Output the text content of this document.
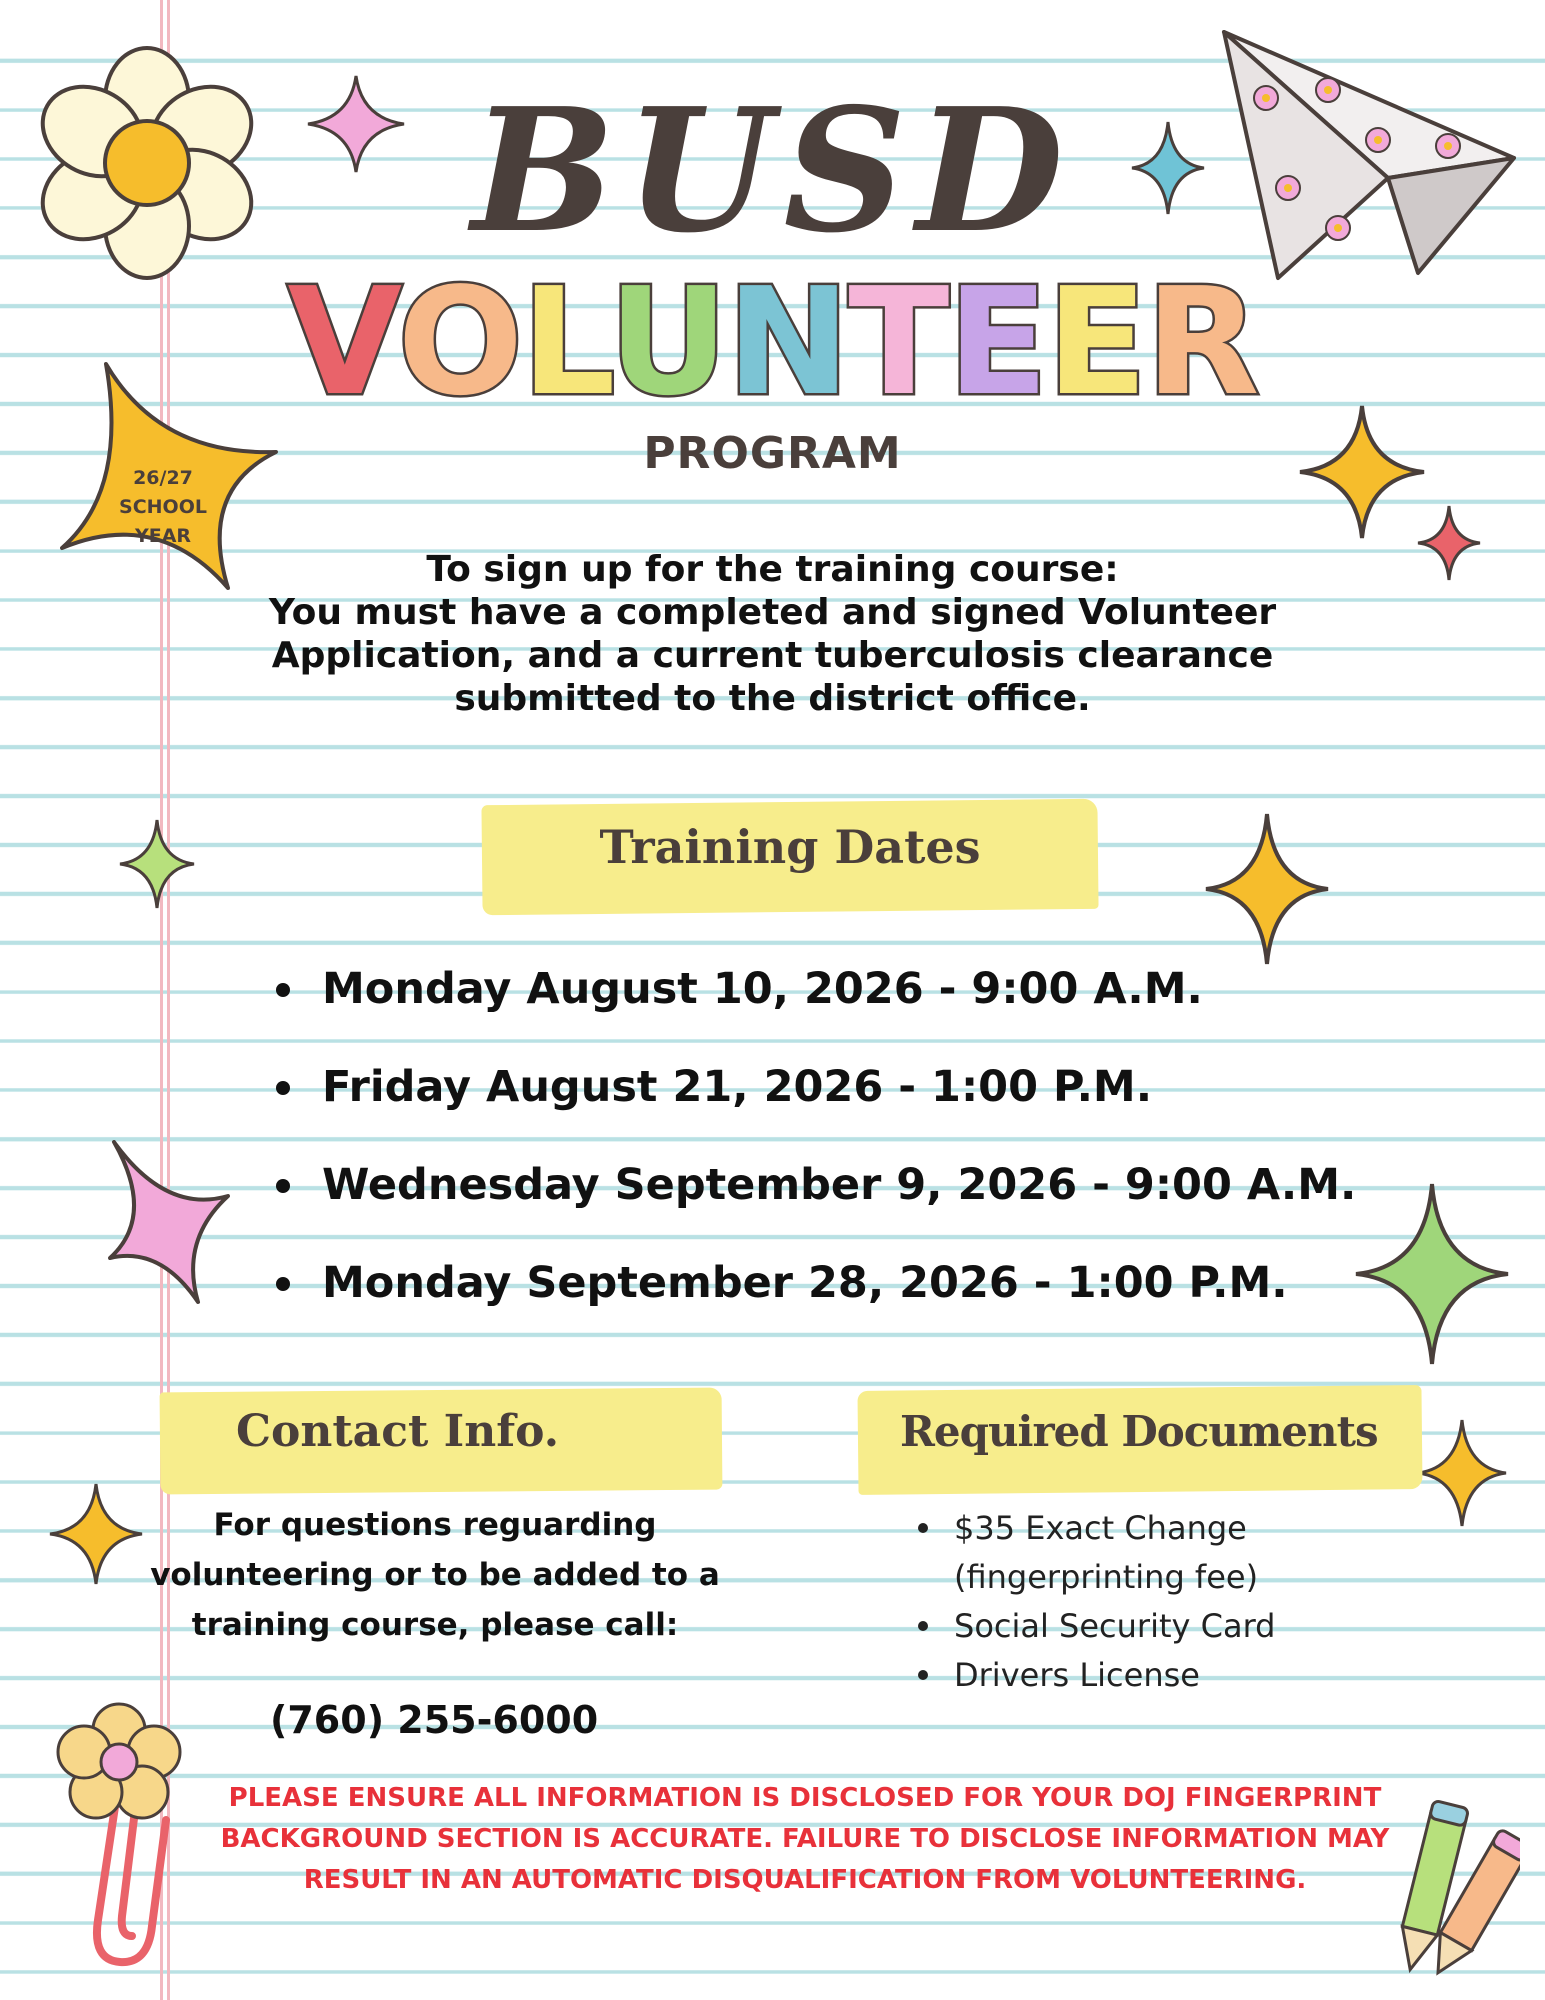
BUSD
VOLUNTEER
PROGRAM
26/27
SCHOOL
YEAR
To sign up for the training course:
You must have a completed and signed Volunteer
Application, and a current tuberculosis clearance
submitted to the district office.
Training Dates
Monday August 10, 2026 - 9:00 A.M.
Friday August 21, 2026 - 1:00 P.M.
Wednesday September 9, 2026 - 9:00 A.M.
Monday September 28, 2026 - 1:00 P.M.
Contact Info.
For questions reguarding
volunteering or to be added to a
training course, please call:
(760) 255-6000
Required Documents
$35 Exact Change
(fingerprinting fee)
Social Security Card
Drivers License
PLEASE ENSURE ALL INFORMATION IS DISCLOSED FOR YOUR DOJ FINGERPRINT
BACKGROUND SECTION IS ACCURATE. FAILURE TO DISCLOSE INFORMATION MAY
RESULT IN AN AUTOMATIC DISQUALIFICATION FROM VOLUNTEERING.
